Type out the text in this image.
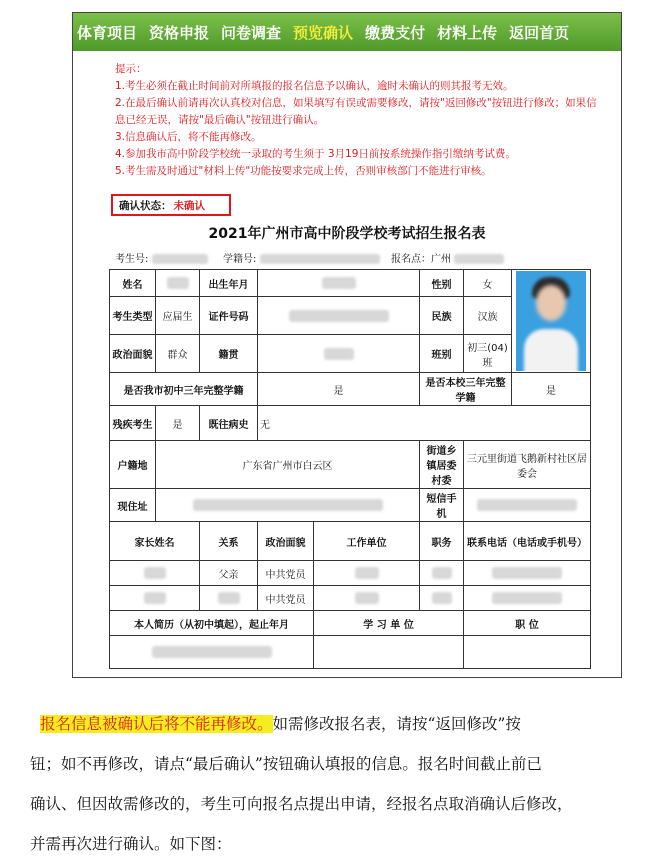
体育项目 资格申报 问卷调查 预览确认 缴费支付 材料上传 返回首页
提示：
1.考生必须在截止时间前对所填报的报名信息予以确认，逾时未确认的则其报考无效。
2.在最后确认前请再次认真校对信息，如果填写有误或需要修改，请按"返回修改"按钮进行修改；如果信息已经无误，请按"最后确认"按钮进行确认。
3.信息确认后，将不能再修改。
4.参加我市高中阶段学校统一录取的考生须于 3月19日前按系统操作指引缴纳考试费。
5.考生需及时通过"材料上传"功能按要求完成上传，否则审核部门不能进行审核。
确认状态： 未确认
2021年广州市高中阶段学校考试招生报名表
考生号:	学籍号:	报名点：广州
姓名		出生年月			性别	女	

考生类型	应届生	证件号码			民族	汉族	
政治面貌	群众	籍贯			班别	初三(04)班	
是否我市初中三年完整学籍			是		是否本校三年完整学籍		是
残疾考生	是	既往病史	无				
户籍地	广东省广州市白云区				街道乡镇居委村委	三元里街道飞鹅新村社区居委会	
现住址					短信手机		
家长姓名		关系	政治面貌	工作单位	职务	联系电话（电话或手机号）	
		父亲	中共党员				
			中共党员				
本人简历（从初中填起），起止年月				学 习 单 位		职 位	

报名信息被确认后将不能再修改。如需修改报名表，请按“返回修改”按
钮；如不再修改，请点“最后确认”按钮确认填报的信息。报名时间截止前已
确认、但因故需修改的，考生可向报名点提出申请，经报名点取消确认后修改，
并需再次进行确认。如下图：
